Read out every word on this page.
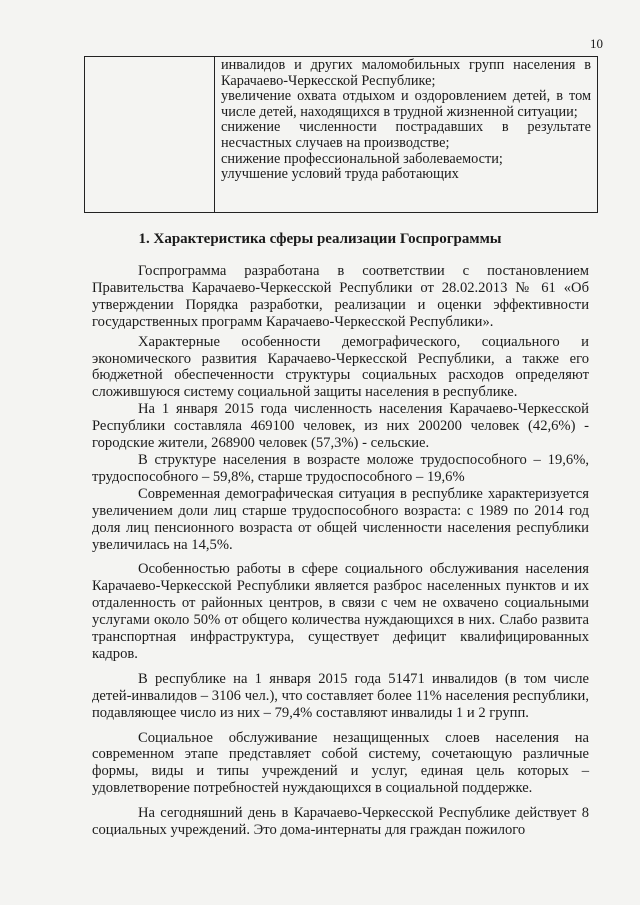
10
инвалидов и других маломобильных групп населения в Карачаево-Черкесской Республике;
увеличение охвата отдыхом и оздоровлением детей, в том числе детей, находящихся в трудной жизненной ситуации;
снижение численности пострадавших в результате несчастных случаев на производстве;
снижение профессиональной заболеваемости;
улучшение условий труда работающих
1. Характеристика сферы реализации Госпрограммы

Госпрограмма разработана в соответствии с постановлением Правительства Карачаево-Черкесской Республики от 28.02.2013 № 61 «Об утверждении Порядка разработки, реализации и оценки эффективности государственных программ Карачаево-Черкесской Республики».

Характерные особенности демографического, социального и экономического развития Карачаево-Черкесской Республики, а также его бюджетной обеспеченности структуры социальных расходов определяют сложившуюся систему социальной защиты населения в республике.

На 1 января 2015 года численность населения Карачаево-Черкесской Республики составляла 469100 человек, из них 200200 человек (42,6%) - городские жители, 268900 человек (57,3%) - сельские.

В структуре населения в возрасте моложе трудоспособного – 19,6%, трудоспособного – 59,8%, старше трудоспособного – 19,6%

Современная демографическая ситуация в республике характеризуется увеличением доли лиц старше трудоспособного возраста: с 1989 по 2014 год доля лиц пенсионного возраста от общей численности населения республики увеличилась на 14,5%.

Особенностью работы в сфере социального обслуживания населения Карачаево-Черкесской Республики является разброс населенных пунктов и их отдаленность от районных центров, в связи с чем не охвачено социальными услугами около 50% от общего количества нуждающихся в них. Слабо развита транспортная инфраструктура, существует дефицит квалифицированных кадров.

В республике на 1 января 2015 года 51471 инвалидов (в том числе детей-инвалидов – 3106 чел.), что составляет более 11% населения республики, подавляющее число из них – 79,4% составляют инвалиды 1 и 2 групп.

Социальное обслуживание незащищенных слоев населения на современном этапе представляет собой систему, сочетающую различные формы, виды и типы учреждений и услуг, единая цель которых – удовлетворение потребностей нуждающихся в социальной поддержке.

На сегодняшний день в Карачаево-Черкесской Республике действует 8 социальных учреждений. Это дома-интернаты для граждан пожилого
